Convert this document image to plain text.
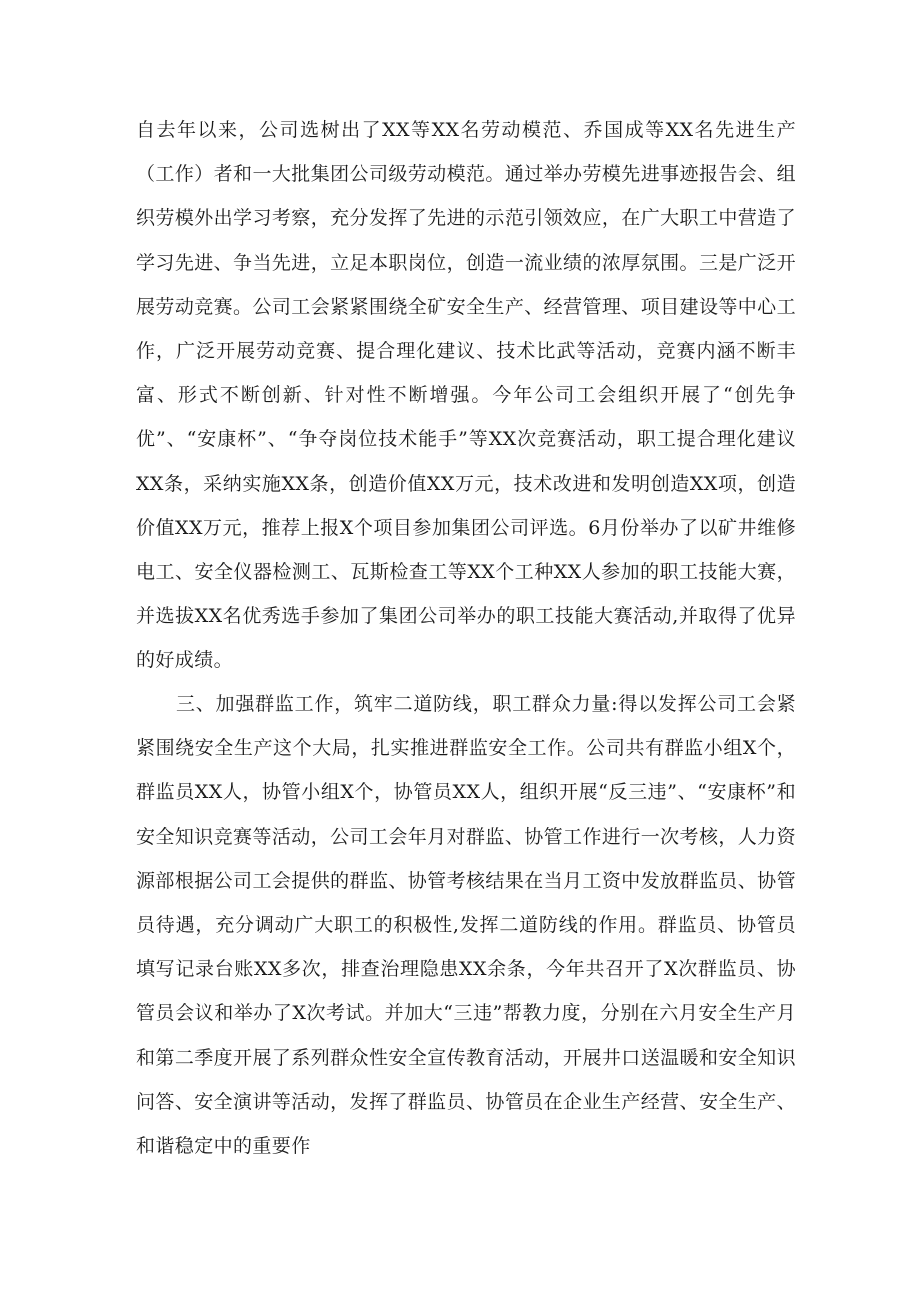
自去年以来，公司选树出了XX等XX名劳动模范、乔国成等XX名先进生产（工作）者和一大批集团公司级劳动模范。通过举办劳模先进事迹报告会、组织劳模外出学习考察，充分发挥了先进的示范引领效应，在广大职工中营造了学习先进、争当先进，立足本职岗位，创造一流业绩的浓厚氛围。三是广泛开展劳动竞赛。公司工会紧紧围绕全矿安全生产、经营管理、项目建设等中心工作，广泛开展劳动竞赛、提合理化建议、技术比武等活动，竞赛内涵不断丰富、形式不断创新、针对性不断增强。今年公司工会组织开展了“创先争优”、“安康杯”、“争夺岗位技术能手”等XX次竞赛活动，职工提合理化建议XX条，采纳实施XX条，创造价值XX万元，技术改进和发明创造XX项，创造价值XX万元，推荐上报X个项目参加集团公司评选。6月份举办了以矿井维修电工、安全仪器检测工、瓦斯检查工等XX个工种XX人参加的职工技能大赛，并选拔XX名优秀选手参加了集团公司举办的职工技能大赛活动,并取得了优异的好成绩。

三、加强群监工作，筑牢二道防线，职工群众力量:得以发挥公司工会紧紧围绕安全生产这个大局，扎实推进群监安全工作。公司共有群监小组X个，群监员XX人，协管小组X个，协管员XX人，组织开展“反三违”、“安康杯”和安全知识竞赛等活动，公司工会年月对群监、协管工作进行一次考核，人力资源部根据公司工会提供的群监、协管考核结果在当月工资中发放群监员、协管员待遇，充分调动广大职工的积极性,发挥二道防线的作用。群监员、协管员填写记录台账XX多次，排查治理隐患XX余条，今年共召开了X次群监员、协管员会议和举办了X次考试。并加大“三违”帮教力度，分别在六月安全生产月和第二季度开展了系列群众性安全宣传教育活动，开展井口送温暖和安全知识问答、安全演讲等活动，发挥了群监员、协管员在企业生产经营、安全生产、和谐稳定中的重要作
